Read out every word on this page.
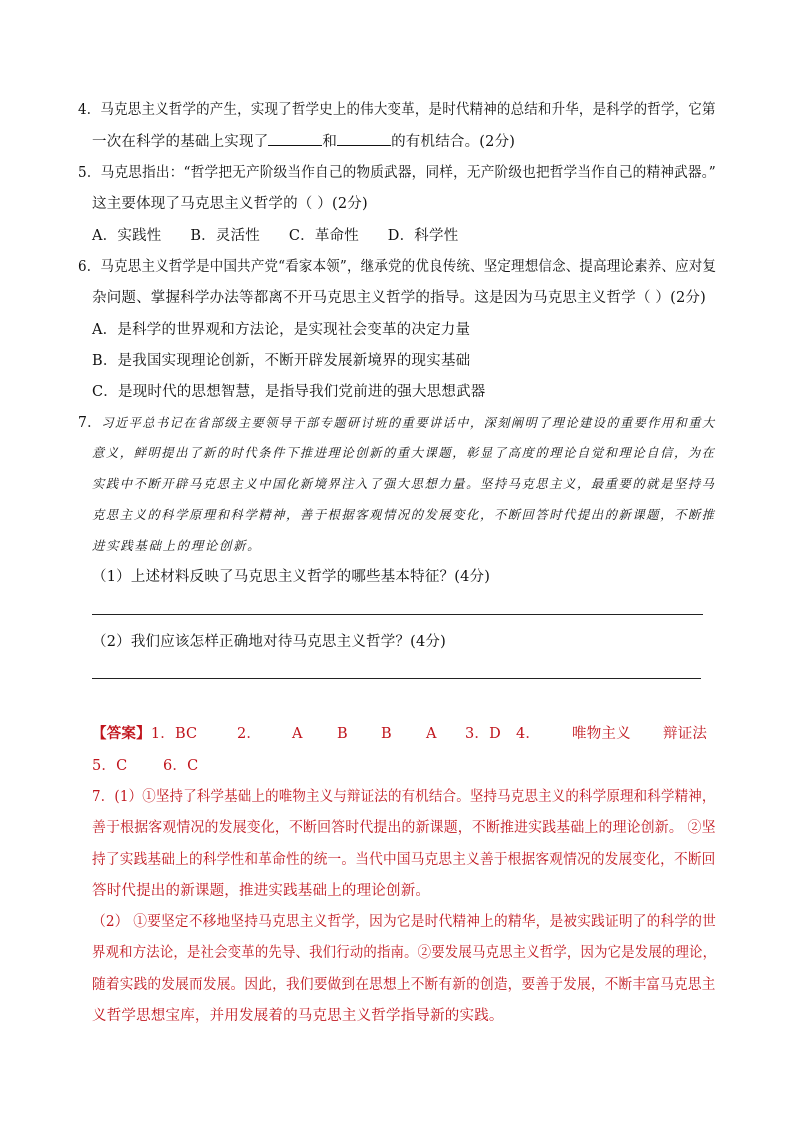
4．马克思主义哲学的产生，实现了哲学史上的伟大变革，是时代精神的总结和升华，是科学的哲学，它第
一次在科学的基础上实现了	和	的有机结合。(2分)
5．马克思指出：“哲学把无产阶级当作自己的物质武器，同样，无产阶级也把哲学当作自己的精神武器。”
这主要体现了马克思主义哲学的（ ）(2分)
A．实践性      B．灵活性      C．革命性      D．科学性
6．马克思主义哲学是中国共产党“看家本领”，继承党的优良传统、坚定理想信念、提高理论素养、应对复
杂问题、掌握科学办法等都离不开马克思主义哲学的指导。这是因为马克思主义哲学（ ）(2分)
A．是科学的世界观和方法论，是实现社会变革的决定力量
B．是我国实现理论创新，不断开辟发展新境界的现实基础
C．是现时代的思想智慧，是指导我们党前进的强大思想武器
7．习近平总书记在省部级主要领导干部专题研讨班的重要讲话中，深刻阐明了理论建设的重要作用和重大
意义，鲜明提出了新的时代条件下推进理论创新的重大课题，彰显了高度的理论自觉和理论自信，为在
实践中不断开辟马克思主义中国化新境界注入了强大思想力量。坚持马克思主义，最重要的就是坚持马
克思主义的科学原理和科学精神，善于根据客观情况的发展变化，不断回答时代提出的新课题，不断推
进实践基础上的理论创新。
（1）上述材料反映了马克思主义哲学的哪些基本特征？(4分)
（2）我们应该怎样正确地对待马克思主义哲学？(4分)
【答案】1．BC	2． A B B A 3．D 4． 唯物主义 辩证法
5．C 6．C
7．(1）①坚持了科学基础上的唯物主义与辩证法的有机结合。坚持马克思主义的科学原理和科学精神，
善于根据客观情况的发展变化，不断回答时代提出的新课题，不断推进实践基础上的理论创新。 ②坚
持了实践基础上的科学性和革命性的统一。当代中国马克思主义善于根据客观情况的发展变化，不断回
答时代提出的新课题，推进实践基础上的理论创新。
（2） ①要坚定不移地坚持马克思主义哲学，因为它是时代精神上的精华，是被实践证明了的科学的世
界观和方法论，是社会变革的先导、我们行动的指南。②要发展马克思主义哲学，因为它是发展的理论，
随着实践的发展而发展。因此，我们要做到在思想上不断有新的创造，要善于发展，不断丰富马克思主
义哲学思想宝库，并用发展着的马克思主义哲学指导新的实践。
